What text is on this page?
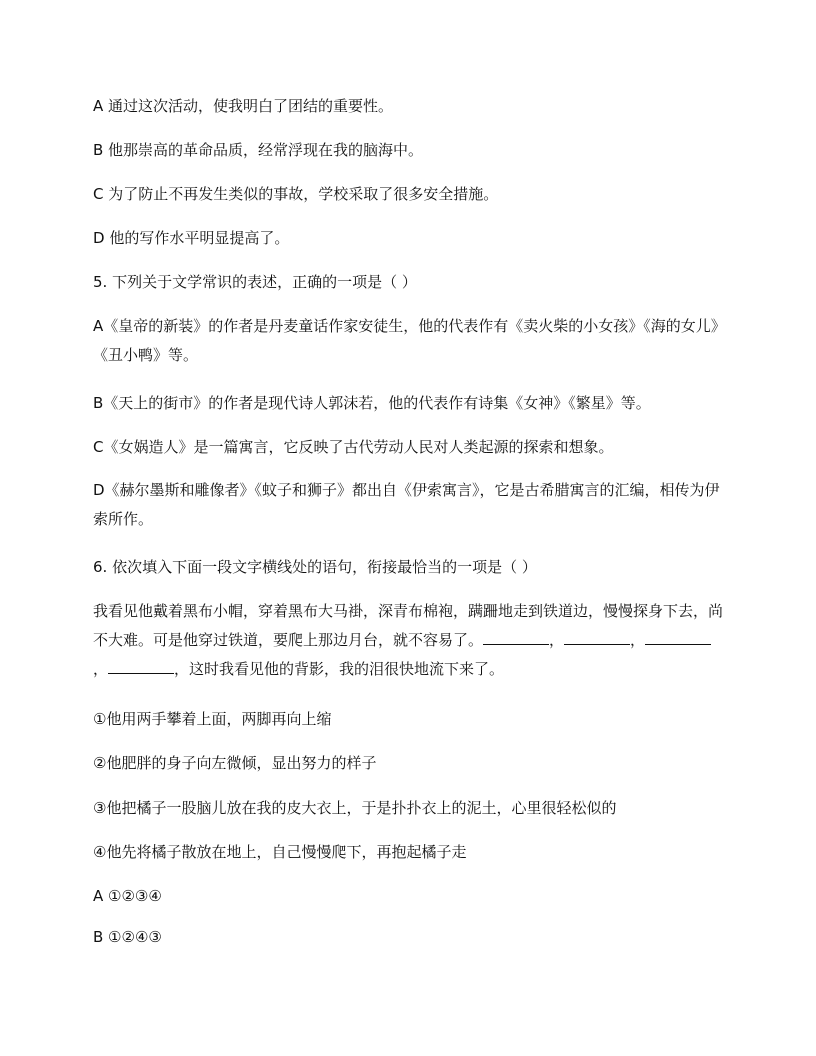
A 通过这次活动，使我明白了团结的重要性。
B 他那崇高的革命品质，经常浮现在我的脑海中。
C 为了防止不再发生类似的事故，学校采取了很多安全措施。
D 他的写作水平明显提高了。
5. 下列关于文学常识的表述，正确的一项是（ ）
A《皇帝的新装》的作者是丹麦童话作家安徒生，他的代表作有《卖火柴的小女孩》《海的女儿》《丑小鸭》等。
B《天上的街市》的作者是现代诗人郭沫若，他的代表作有诗集《女神》《繁星》等。
C《女娲造人》是一篇寓言，它反映了古代劳动人民对人类起源的探索和想象。
D《赫尔墨斯和雕像者》《蚊子和狮子》都出自《伊索寓言》，它是古希腊寓言的汇编，相传为伊索所作。
6. 依次填入下面一段文字横线处的语句，衔接最恰当的一项是（ ）
我看见他戴着黑布小帽，穿着黑布大马褂，深青布棉袍，蹒跚地走到铁道边，慢慢探身下去，尚不大难。可是他穿过铁道，要爬上那边月台，就不容易了。	，	，，	，这时我看见他的背影，我的泪很快地流下来了。
①他用两手攀着上面，两脚再向上缩
②他肥胖的身子向左微倾，显出努力的样子
③他把橘子一股脑儿放在我的皮大衣上，于是扑扑衣上的泥土，心里很轻松似的
④他先将橘子散放在地上，自己慢慢爬下，再抱起橘子走
A ①②③④
B ①②④③
